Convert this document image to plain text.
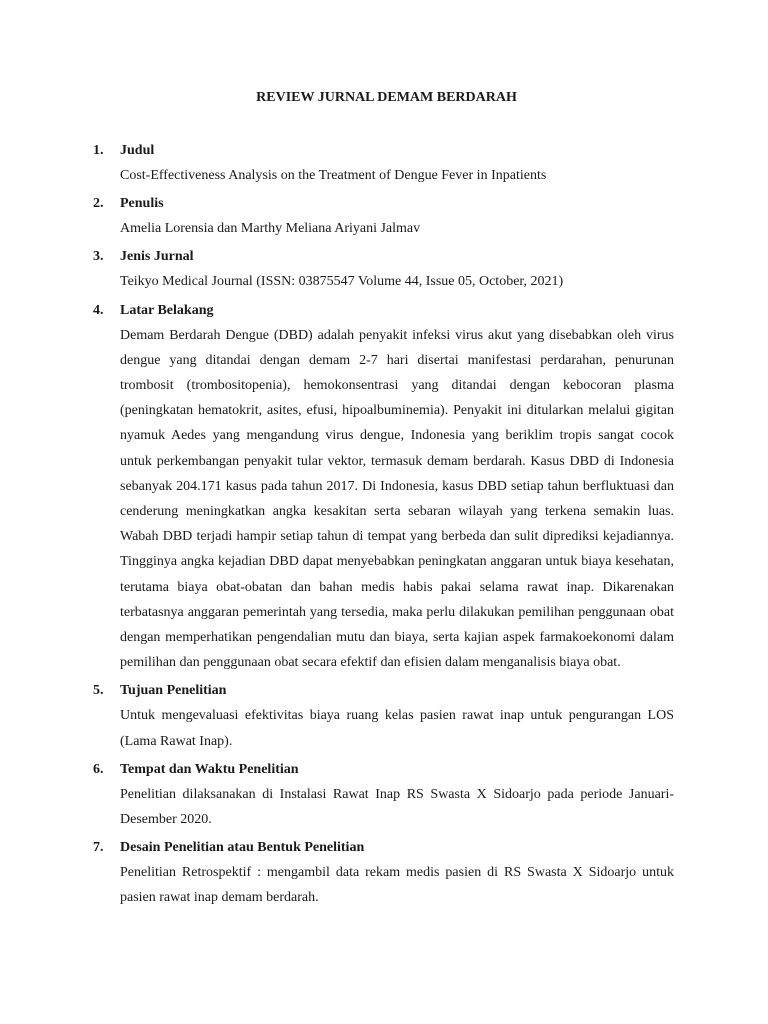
REVIEW JURNAL DEMAM BERDARAH
1. Judul
Cost-Effectiveness Analysis on the Treatment of Dengue Fever in Inpatients
2. Penulis
Amelia Lorensia dan Marthy Meliana Ariyani Jalmav
3. Jenis Jurnal
Teikyo Medical Journal (ISSN: 03875547 Volume 44, Issue 05, October, 2021)
4. Latar Belakang
Demam Berdarah Dengue (DBD) adalah penyakit infeksi virus akut yang disebabkan oleh virus dengue yang ditandai dengan demam 2-7 hari disertai manifestasi perdarahan, penurunan trombosit (trombositopenia), hemokonsentrasi yang ditandai dengan kebocoran plasma (peningkatan hematokrit, asites, efusi, hipoalbuminemia). Penyakit ini ditularkan melalui gigitan nyamuk Aedes yang mengandung virus dengue, Indonesia yang beriklim tropis sangat cocok untuk perkembangan penyakit tular vektor, termasuk demam berdarah. Kasus DBD di Indonesia sebanyak 204.171 kasus pada tahun 2017. Di Indonesia, kasus DBD setiap tahun berfluktuasi dan cenderung meningkatkan angka kesakitan serta sebaran wilayah yang terkena semakin luas. Wabah DBD terjadi hampir setiap tahun di tempat yang berbeda dan sulit diprediksi kejadiannya. Tingginya angka kejadian DBD dapat menyebabkan peningkatan anggaran untuk biaya kesehatan, terutama biaya obat-obatan dan bahan medis habis pakai selama rawat inap. Dikarenakan terbatasnya anggaran pemerintah yang tersedia, maka perlu dilakukan pemilihan penggunaan obat dengan memperhatikan pengendalian mutu dan biaya, serta kajian aspek farmakoekonomi dalam pemilihan dan penggunaan obat secara efektif dan efisien dalam menganalisis biaya obat.
5. Tujuan Penelitian
Untuk mengevaluasi efektivitas biaya ruang kelas pasien rawat inap untuk pengurangan LOS (Lama Rawat Inap).
6. Tempat dan Waktu Penelitian
Penelitian dilaksanakan di Instalasi Rawat Inap RS Swasta X Sidoarjo pada periode Januari-Desember 2020.
7. Desain Penelitian atau Bentuk Penelitian
Penelitian Retrospektif : mengambil data rekam medis pasien di RS Swasta X Sidoarjo untuk pasien rawat inap demam berdarah.
